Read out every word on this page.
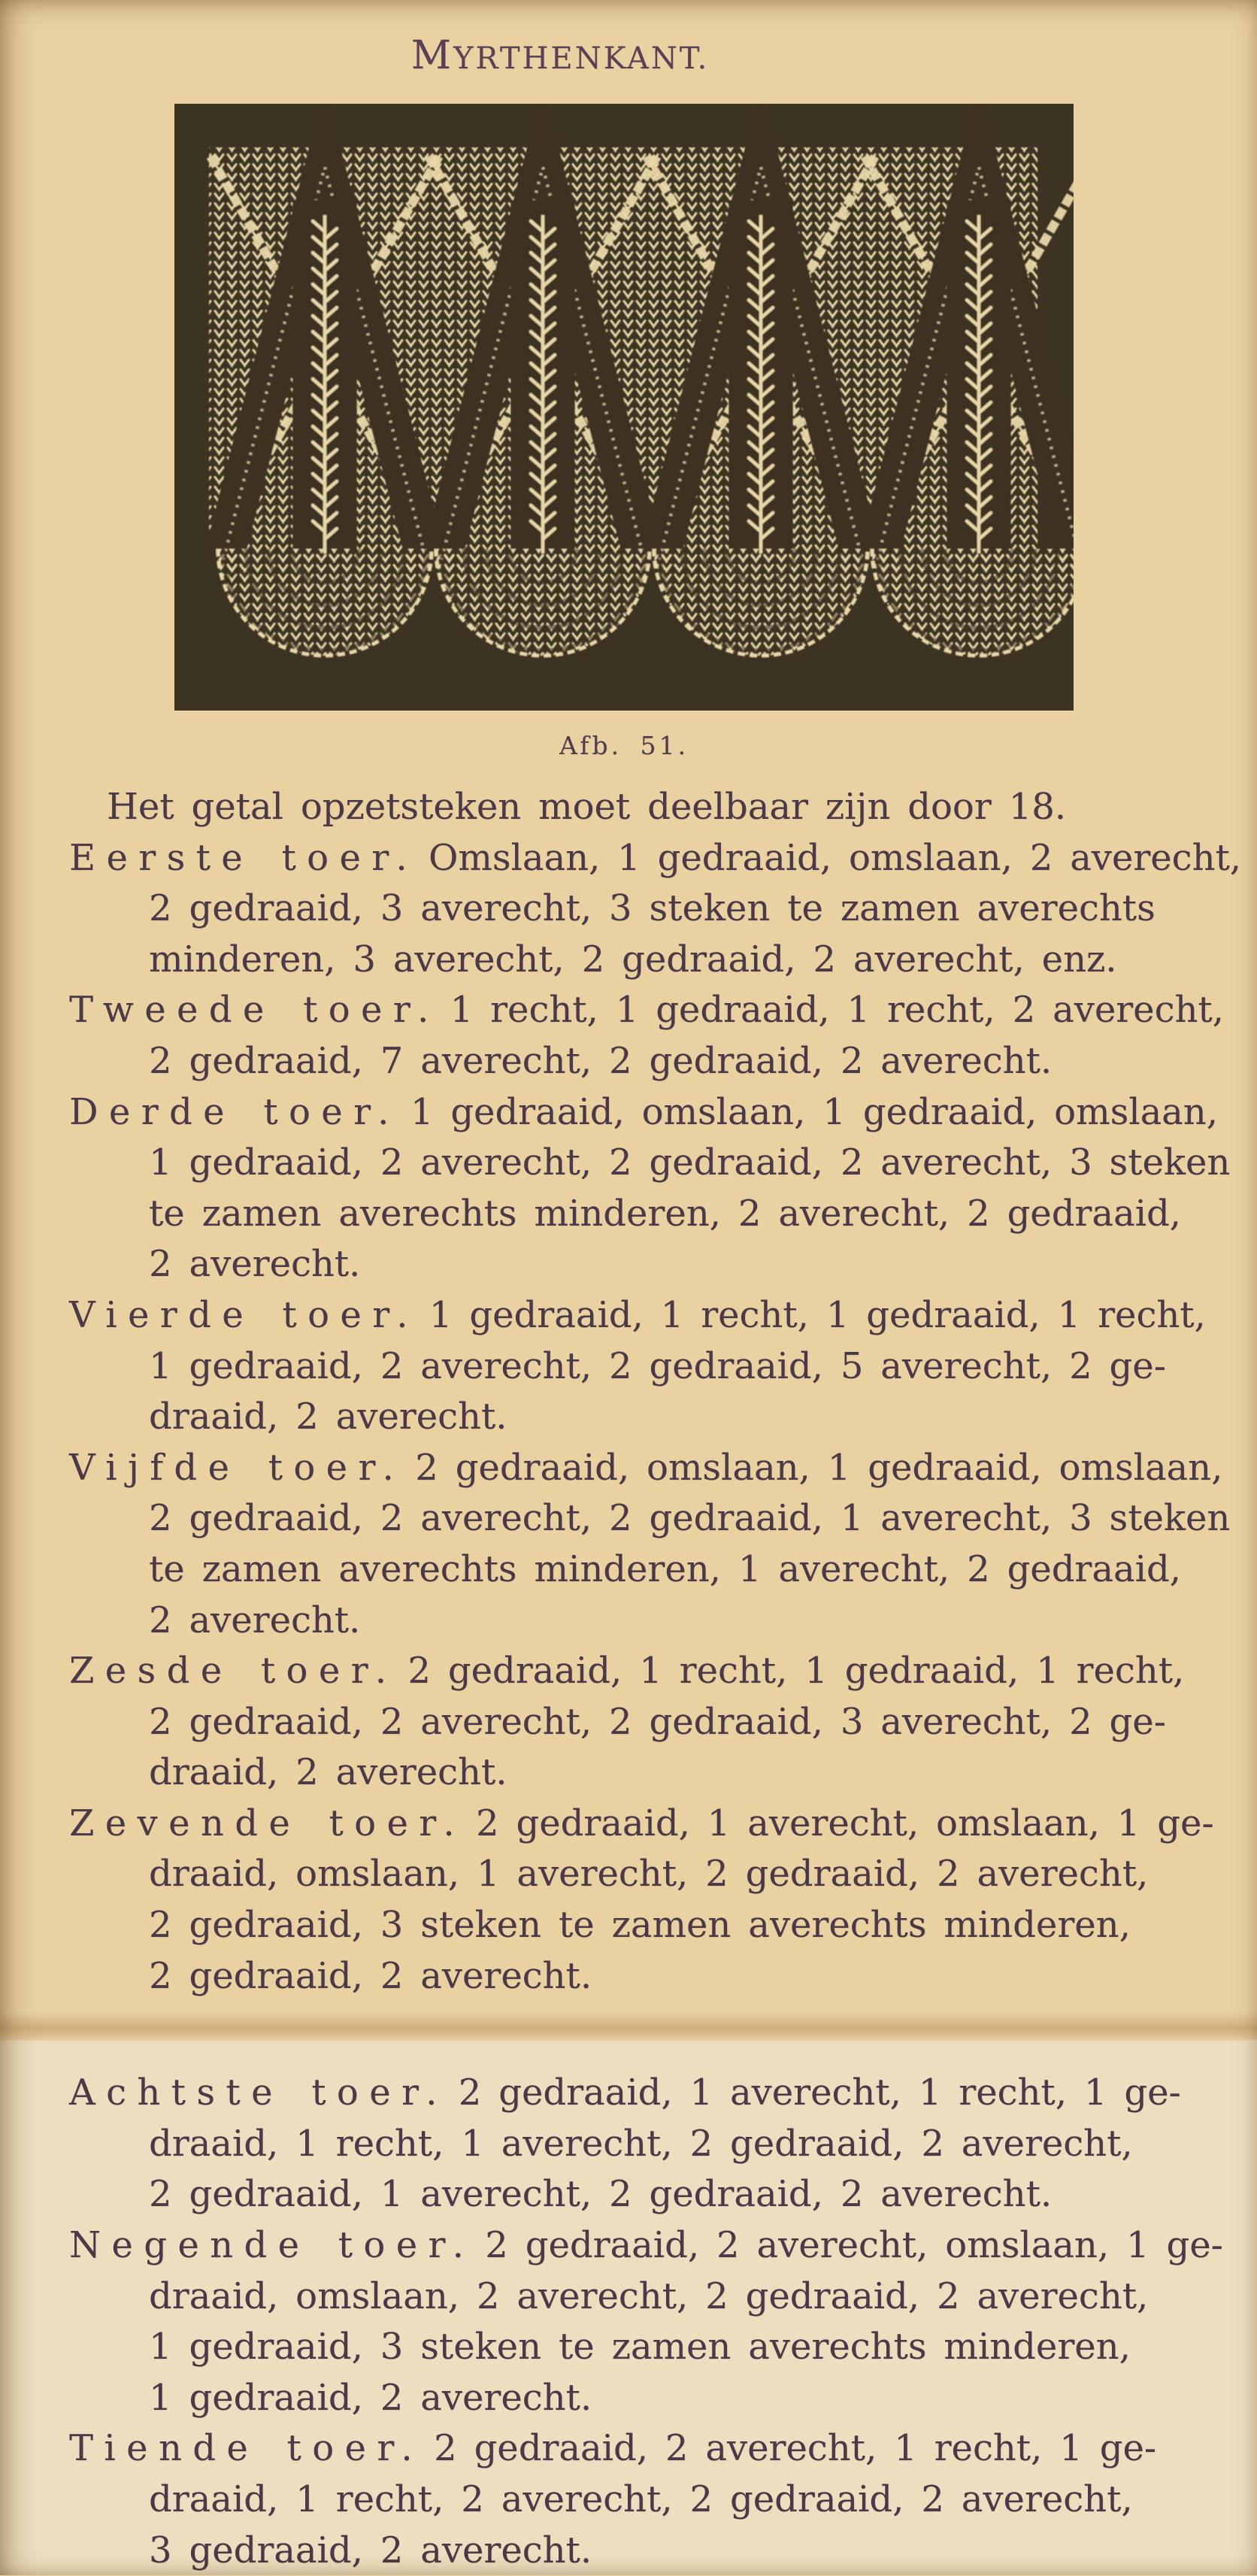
MYRTHENKANT.
Afb. 51.
Het getal opzetsteken moet deelbaar zijn door 18.
Eerste toer. Omslaan, 1 gedraaid, omslaan, 2 averecht,
2 gedraaid, 3 averecht, 3 steken te zamen averechts
minderen, 3 averecht, 2 gedraaid, 2 averecht, enz.
Tweede toer. 1 recht, 1 gedraaid, 1 recht, 2 averecht,
2 gedraaid, 7 averecht, 2 gedraaid, 2 averecht.
Derde toer. 1 gedraaid, omslaan, 1 gedraaid, omslaan,
1 gedraaid, 2 averecht, 2 gedraaid, 2 averecht, 3 steken
te zamen averechts minderen, 2 averecht, 2 gedraaid,
2 averecht.
Vierde toer. 1 gedraaid, 1 recht, 1 gedraaid, 1 recht,
1 gedraaid, 2 averecht, 2 gedraaid, 5 averecht, 2 ge-
draaid, 2 averecht.
Vijfde toer. 2 gedraaid, omslaan, 1 gedraaid, omslaan,
2 gedraaid, 2 averecht, 2 gedraaid, 1 averecht, 3 steken
te zamen averechts minderen, 1 averecht, 2 gedraaid,
2 averecht.
Zesde toer. 2 gedraaid, 1 recht, 1 gedraaid, 1 recht,
2 gedraaid, 2 averecht, 2 gedraaid, 3 averecht, 2 ge-
draaid, 2 averecht.
Zevende toer. 2 gedraaid, 1 averecht, omslaan, 1 ge-
draaid, omslaan, 1 averecht, 2 gedraaid, 2 averecht,
2 gedraaid, 3 steken te zamen averechts minderen,
2 gedraaid, 2 averecht.
Achtste toer. 2 gedraaid, 1 averecht, 1 recht, 1 ge-
draaid, 1 recht, 1 averecht, 2 gedraaid, 2 averecht,
2 gedraaid, 1 averecht, 2 gedraaid, 2 averecht.
Negende toer. 2 gedraaid, 2 averecht, omslaan, 1 ge-
draaid, omslaan, 2 averecht, 2 gedraaid, 2 averecht,
1 gedraaid, 3 steken te zamen averechts minderen,
1 gedraaid, 2 averecht.
Tiende toer. 2 gedraaid, 2 averecht, 1 recht, 1 ge-
draaid, 1 recht, 2 averecht, 2 gedraaid, 2 averecht,
3 gedraaid, 2 averecht.
